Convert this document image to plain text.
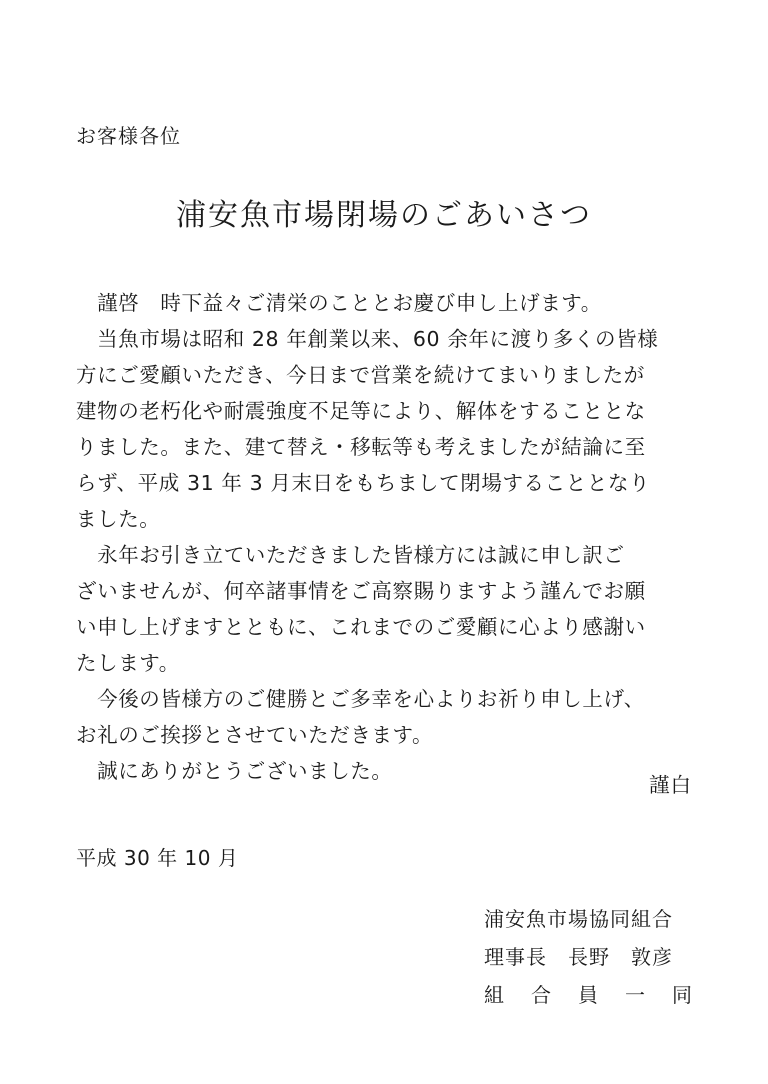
お客様各位
浦安魚市場閉場のごあいさつ
　謹啓　時下益々ご清栄のこととお慶び申し上げます。
　当魚市場は昭和 28 年創業以来、60 余年に渡り多くの皆様
方にご愛顧いただき、今日まで営業を続けてまいりましたが
建物の老朽化や耐震強度不足等により、解体をすることとな
りました。また、建て替え・移転等も考えましたが結論に至
らず、平成 31 年 3 月末日をもちまして閉場することとなり
ました。
　永年お引き立ていただきました皆様方には誠に申し訳ご
ざいませんが、何卒諸事情をご高察賜りますよう謹んでお願
い申し上げますとともに、これまでのご愛顧に心より感謝い
たします。
　今後の皆様方のご健勝とご多幸を心よりお祈り申し上げ、
お礼のご挨拶とさせていただきます。
　誠にありがとうございました。
謹白
平成 30 年 10 月
浦安魚市場協同組合
理事長　長野　敦彦
組 合 員 一 同
